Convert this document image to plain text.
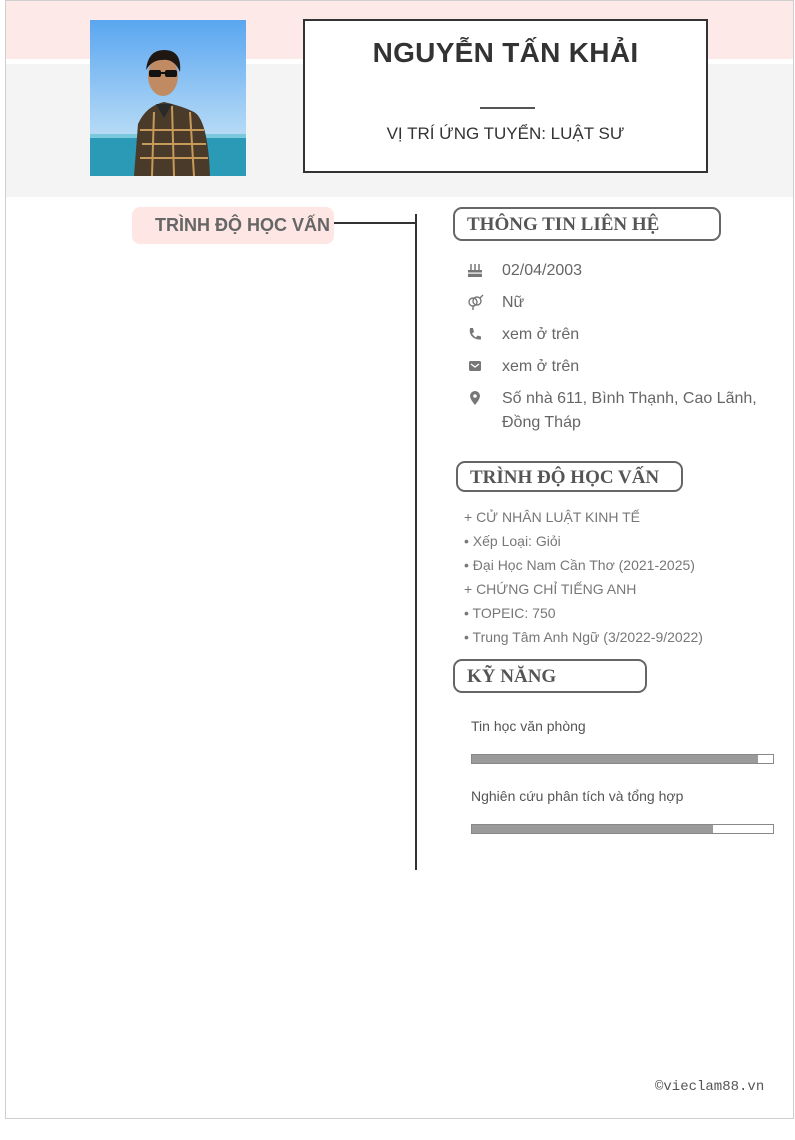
NGUYỄN TẤN KHẢI
VỊ TRÍ ỨNG TUYỂN: LUẬT SƯ
TRÌNH ĐỘ HỌC VẤN	THÔNG TIN LIÊN HỆ
02/04/2003
Nữ
xem ở trên
xem ở trên
Số nhà 611, Bình Thạnh, Cao Lãnh, Đồng Tháp
TRÌNH ĐỘ HỌC VẤN
+ CỬ NHÂN LUẬT KINH TẾ
• Xếp Loại: Giỏi
• Đại Học Nam Cần Thơ (2021-2025)
+ CHỨNG CHỈ TIẾNG ANH
• TOPEIC: 750
• Trung Tâm Anh Ngữ (3/2022-9/2022)
KỸ NĂNG
Tin học văn phòng
Nghiên cứu phân tích và tổng hợp
©vieclam88.vn
